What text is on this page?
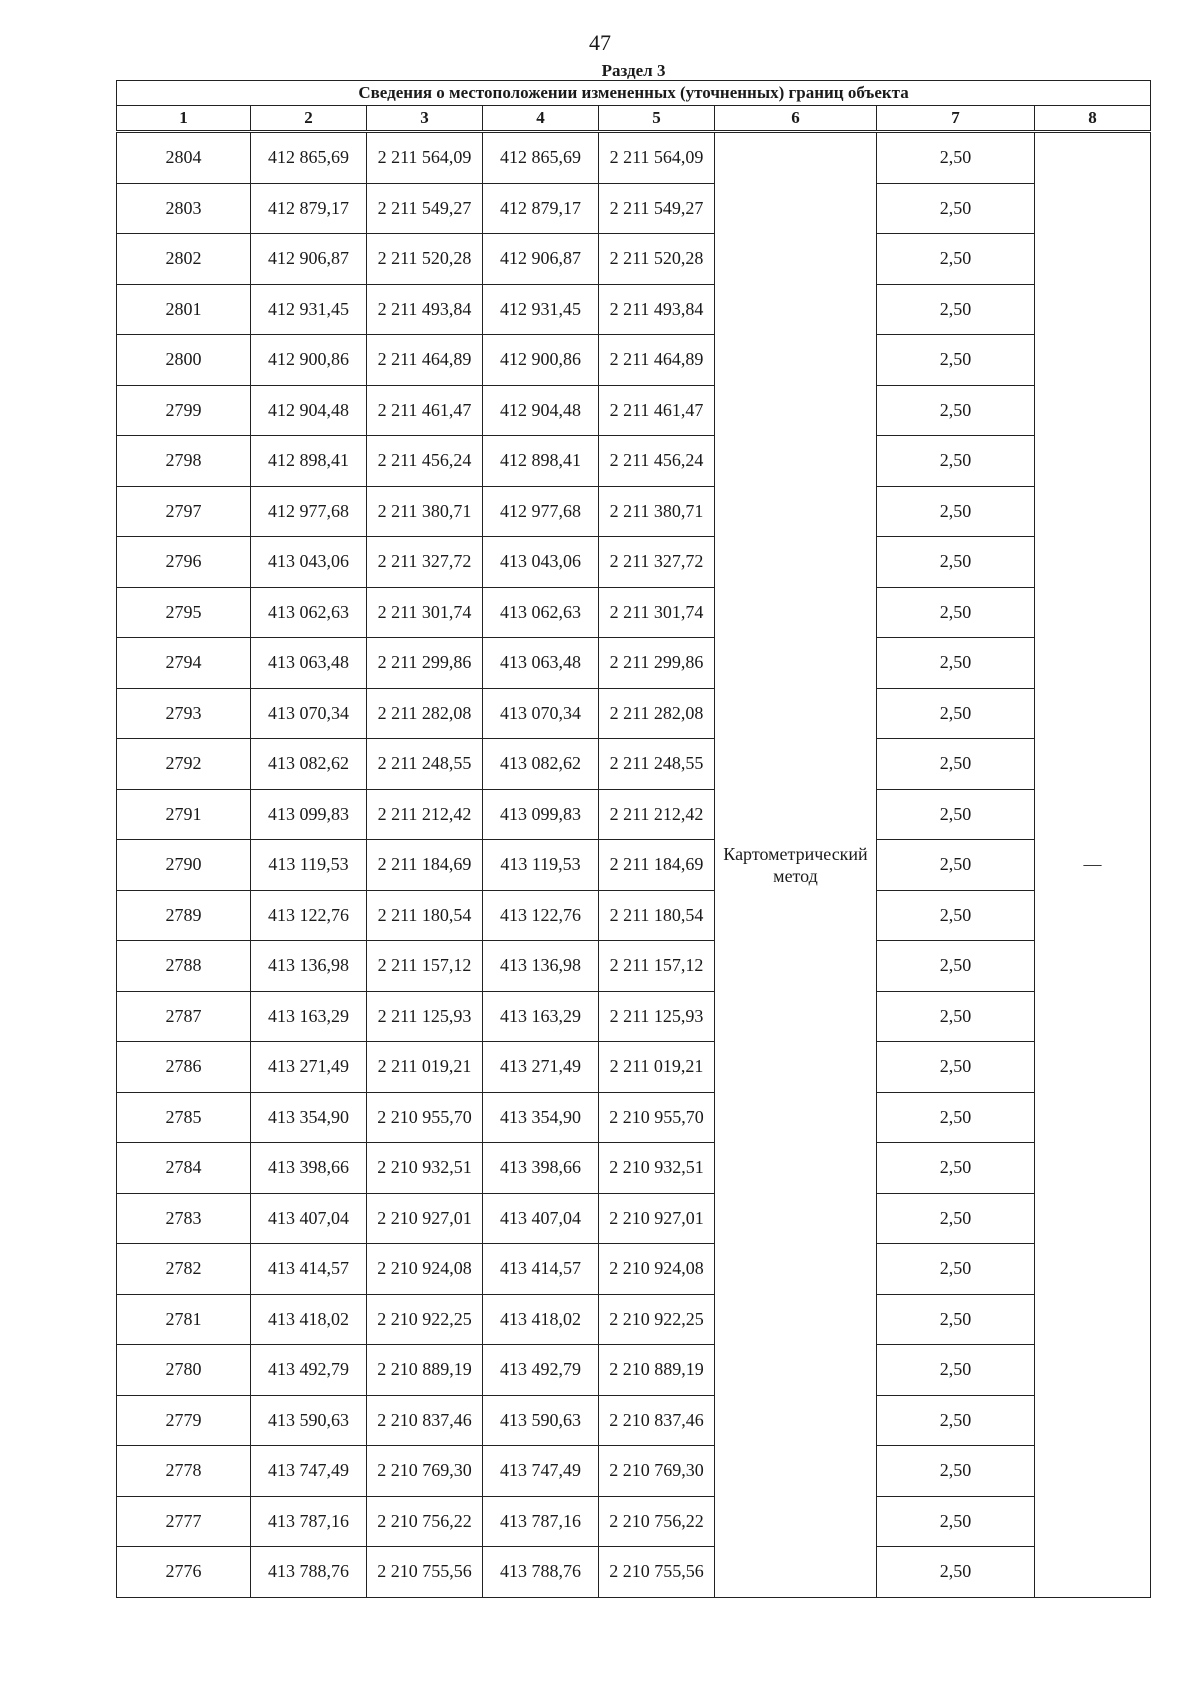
47
Раздел 3							
Сведения о местоположении измененных (уточненных) границ объекта							
1	2	3	4	5	6	7	8
2804	412 865,69	2 211 564,09	412 865,69	2 211 564,09	Картометрический метод	2,50	—
2803	412 879,17	2 211 549,27	412 879,17	2 211 549,27		2,50	
2802	412 906,87	2 211 520,28	412 906,87	2 211 520,28		2,50	
2801	412 931,45	2 211 493,84	412 931,45	2 211 493,84		2,50	
2800	412 900,86	2 211 464,89	412 900,86	2 211 464,89		2,50	
2799	412 904,48	2 211 461,47	412 904,48	2 211 461,47		2,50	
2798	412 898,41	2 211 456,24	412 898,41	2 211 456,24		2,50	
2797	412 977,68	2 211 380,71	412 977,68	2 211 380,71		2,50	
2796	413 043,06	2 211 327,72	413 043,06	2 211 327,72		2,50	
2795	413 062,63	2 211 301,74	413 062,63	2 211 301,74		2,50	
2794	413 063,48	2 211 299,86	413 063,48	2 211 299,86		2,50	
2793	413 070,34	2 211 282,08	413 070,34	2 211 282,08		2,50	
2792	413 082,62	2 211 248,55	413 082,62	2 211 248,55		2,50	
2791	413 099,83	2 211 212,42	413 099,83	2 211 212,42		2,50	
2790	413 119,53	2 211 184,69	413 119,53	2 211 184,69		2,50	
2789	413 122,76	2 211 180,54	413 122,76	2 211 180,54		2,50	
2788	413 136,98	2 211 157,12	413 136,98	2 211 157,12		2,50	
2787	413 163,29	2 211 125,93	413 163,29	2 211 125,93		2,50	
2786	413 271,49	2 211 019,21	413 271,49	2 211 019,21		2,50	
2785	413 354,90	2 210 955,70	413 354,90	2 210 955,70		2,50	
2784	413 398,66	2 210 932,51	413 398,66	2 210 932,51		2,50	
2783	413 407,04	2 210 927,01	413 407,04	2 210 927,01		2,50	
2782	413 414,57	2 210 924,08	413 414,57	2 210 924,08		2,50	
2781	413 418,02	2 210 922,25	413 418,02	2 210 922,25		2,50	
2780	413 492,79	2 210 889,19	413 492,79	2 210 889,19		2,50	
2779	413 590,63	2 210 837,46	413 590,63	2 210 837,46		2,50	
2778	413 747,49	2 210 769,30	413 747,49	2 210 769,30		2,50	
2777	413 787,16	2 210 756,22	413 787,16	2 210 756,22		2,50	
2776	413 788,76	2 210 755,56	413 788,76	2 210 755,56		2,50	
